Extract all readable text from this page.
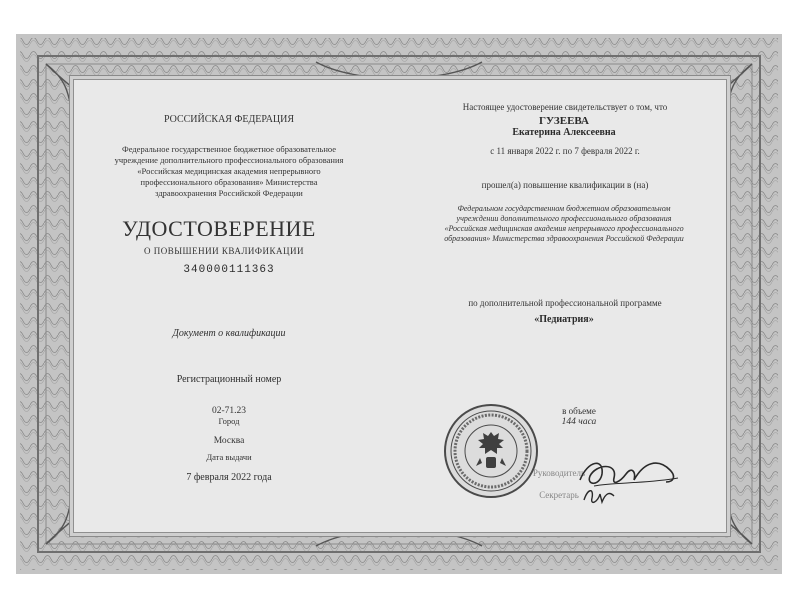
РОССИЙСКАЯ ФЕДЕРАЦИЯ
Федеральное государственное бюджетное образовательное
учреждение дополнительного профессионального образования
«Российская медицинская академия непрерывного
профессионального образования» Министерства
здравоохранения Российской Федерации
УДОСТОВЕРЕНИЕ
О ПОВЫШЕНИИ КВАЛИФИКАЦИИ
340000111363
Документ о квалификации
Регистрационный номер
02-71.23
Город
Москва
Дата выдачи
7 февраля 2022 года
Настоящее удостоверение свидетельствует о том, что
ГУЗЕЕВА
Екатерина Алексеевна
с 11 января 2022 г. по 7 февраля 2022 г.
прошел(а) повышение квалификации в (на)
Федеральном государственном бюджетном образовательном
учреждении дополнительного профессионального образования
«Российская медицинская академия непрерывного профессионального
образования» Министерства здравоохранения Российской Федерации
по дополнительной профессиональной программе
«Педиатрия»
в объеме
144 часа
Руководитель
Секретарь
